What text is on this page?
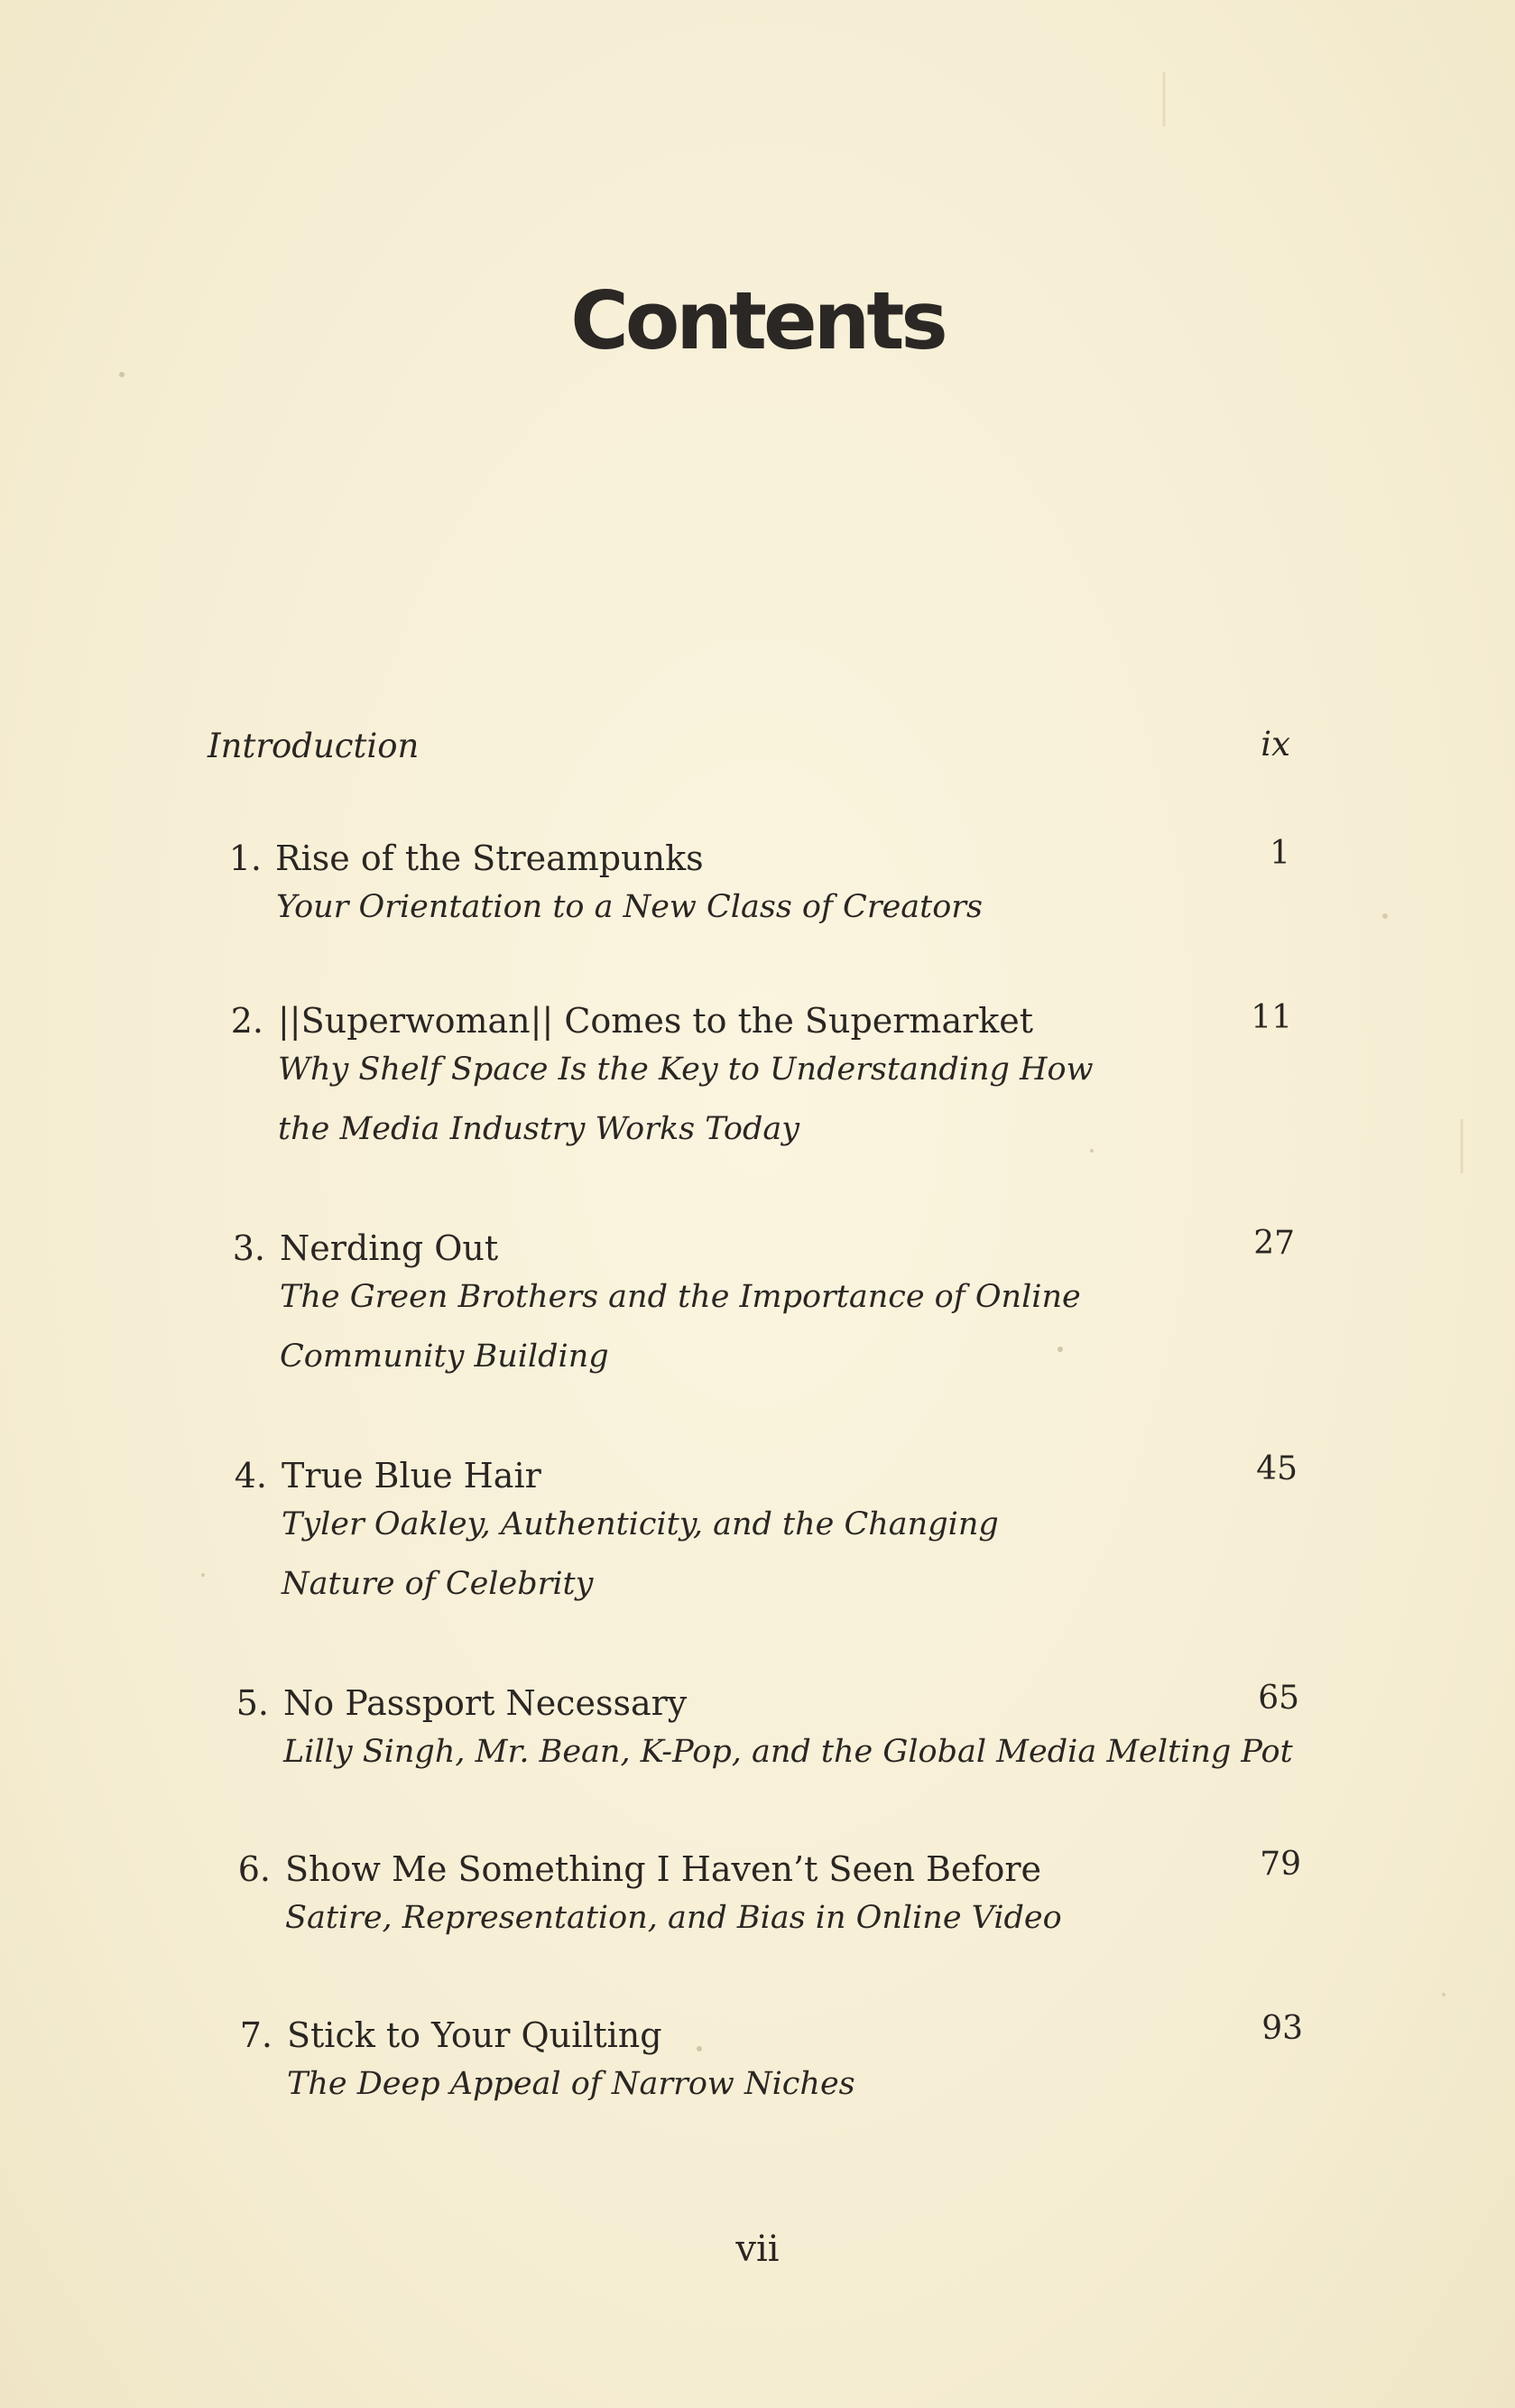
Contents
Introduction	ix
1. Rise of the Streampunks
Your Orientation to a New Class of Creators
1
2. ||Superwoman|| Comes to the Supermarket
Why Shelf Space Is the Key to Understanding How
the Media Industry Works Today
11
3. Nerding Out
The Green Brothers and the Importance of Online
Community Building
27
4. True Blue Hair
Tyler Oakley, Authenticity, and the Changing
Nature of Celebrity
45
5. No Passport Necessary
Lilly Singh, Mr. Bean, K-Pop, and the Global Media Melting Pot
65
6. Show Me Something I Haven’t Seen Before
Satire, Representation, and Bias in Online Video
79
7. Stick to Your Quilting
The Deep Appeal of Narrow Niches
93
vii
